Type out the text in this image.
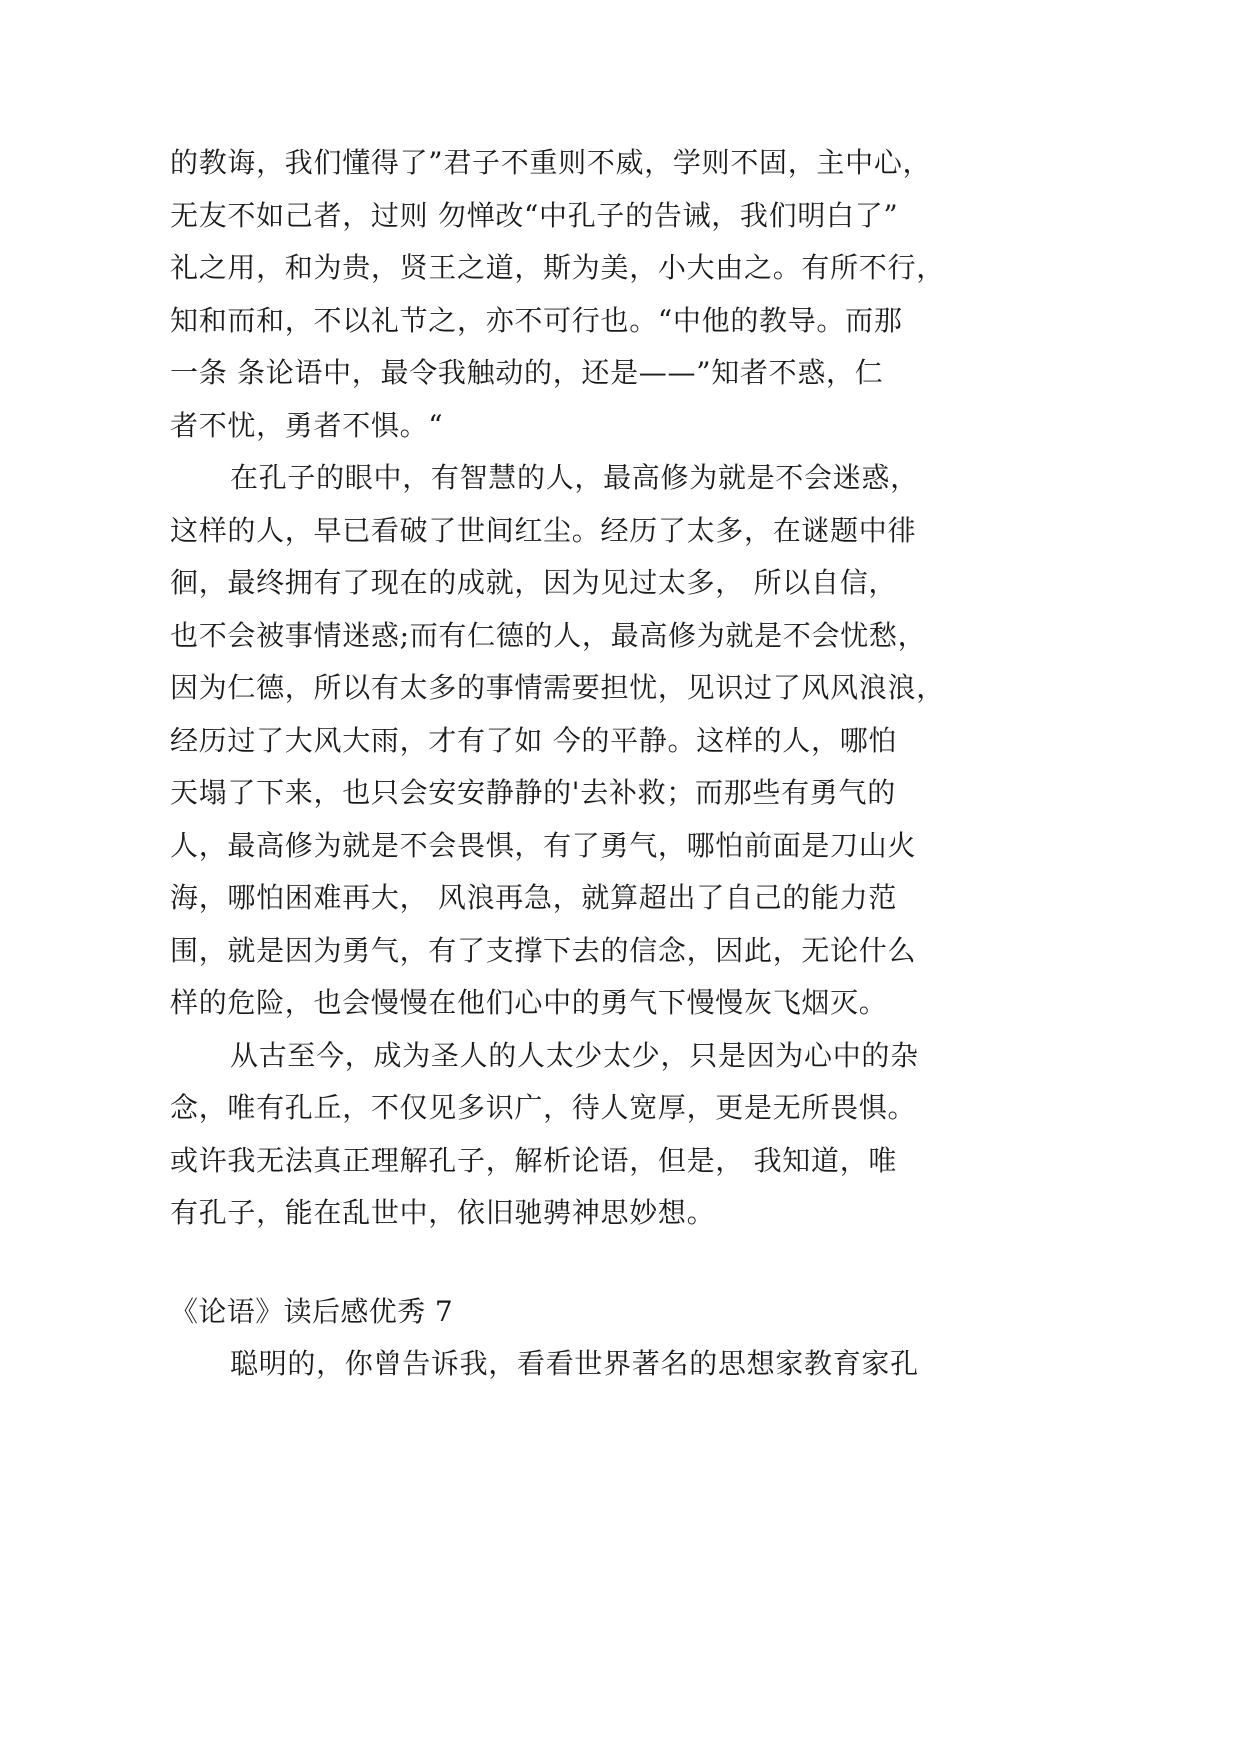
的教诲，我们懂得了”君子不重则不威，学则不固，主中心，
无友不如己者，过则 勿惮改“中孔子的告诫，我们明白了”
礼之用，和为贵，贤王之道，斯为美，小大由之。有所不行，
知和而和，不以礼节之，亦不可行也。“中他的教导。而那
一条 条论语中，最令我触动的，还是——”知者不惑，仁
者不忧，勇者不惧。“
在孔子的眼中，有智慧的人，最高修为就是不会迷惑，
这样的人，早已看破了世间红尘。经历了太多，在谜题中徘
徊，最终拥有了现在的成就，因为见过太多， 所以自信，
也不会被事情迷惑;而有仁德的人，最高修为就是不会忧愁，
因为仁德，所以有太多的事情需要担忧，见识过了风风浪浪，
经历过了大风大雨，才有了如 今的平静。这样的人，哪怕
天塌了下来，也只会安安静静的'去补救；而那些有勇气的
人，最高修为就是不会畏惧，有了勇气，哪怕前面是刀山火
海，哪怕困难再大， 风浪再急，就算超出了自己的能力范
围，就是因为勇气，有了支撑下去的信念，因此，无论什么
样的危险，也会慢慢在他们心中的勇气下慢慢灰飞烟灭。
从古至今，成为圣人的人太少太少，只是因为心中的杂
念，唯有孔丘，不仅见多识广，待人宽厚，更是无所畏惧。
或许我无法真正理解孔子，解析论语，但是， 我知道，唯
有孔子，能在乱世中，依旧驰骋神思妙想。
《论语》读后感优秀 7
聪明的，你曾告诉我，看看世界著名的思想家教育家孔
